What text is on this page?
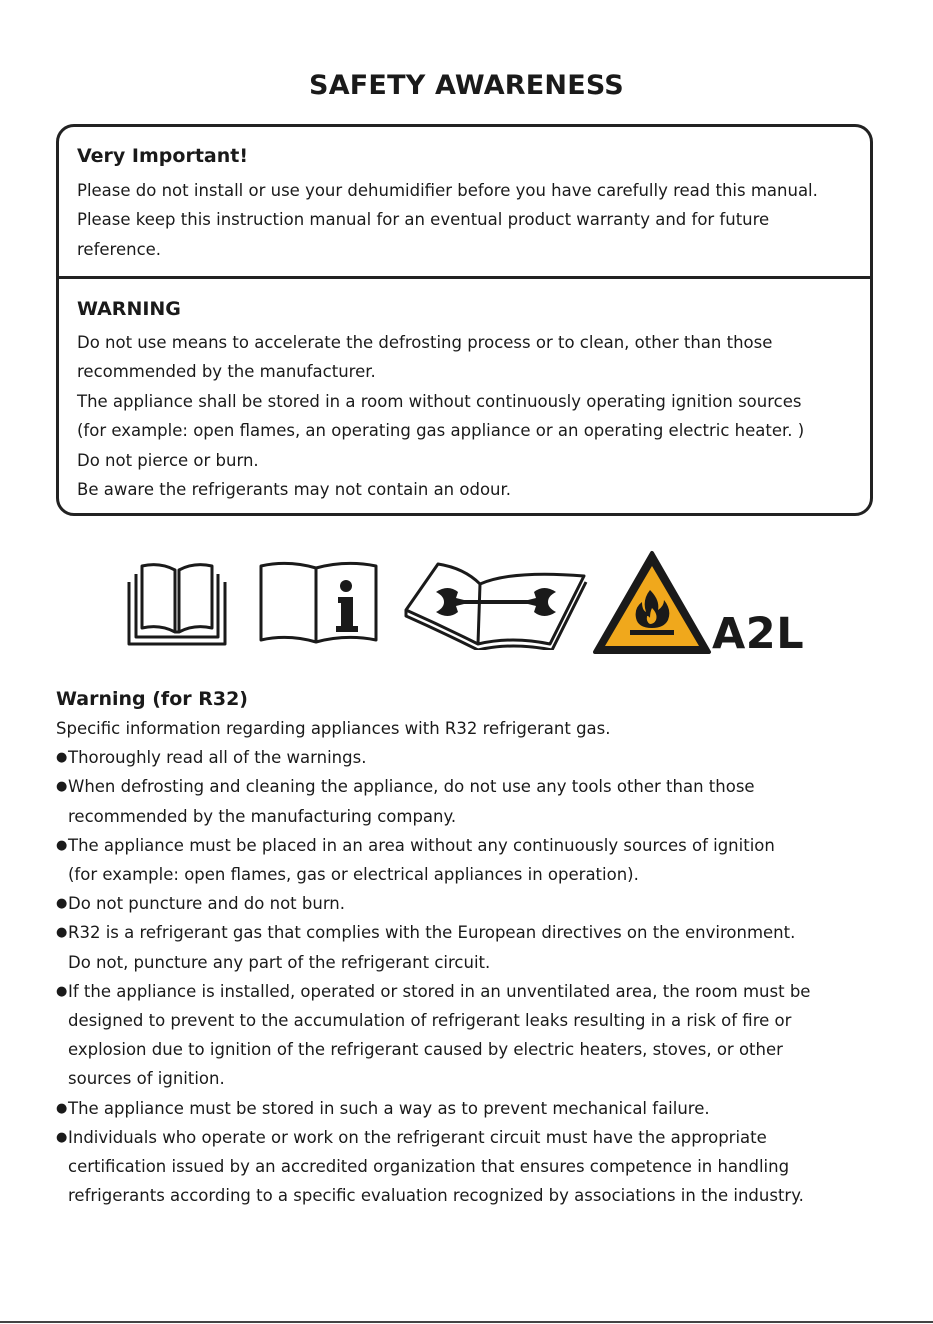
SAFETY AWARENESS
Very Important!

Please do not install or use your dehumidifier before you have carefully read this manual.
Please keep this instruction manual for an eventual product warranty and for future
reference.

WARNING

Do not use means to accelerate the defrosting process or to clean, other than those
recommended by the manufacturer.
The appliance shall be stored in a room without continuously operating ignition sources
(for example: open flames, an operating gas appliance or an operating electric heater. )
Do not pierce or burn.
Be aware the refrigerants may not contain an odour.

A2L
Warning (for R32)

Specific information regarding appliances with R32 refrigerant gas.

● Thoroughly read all of the warnings.
● When defrosting and cleaning the appliance, do not use any tools other than those
recommended by the manufacturing company.
● The appliance must be placed in an area without any continuously sources of ignition
(for example: open flames, gas or electrical appliances in operation).
● Do not puncture and do not burn.
● R32 is a refrigerant gas that complies with the European directives on the environment.
Do not, puncture any part of the refrigerant circuit.
● If the appliance is installed, operated or stored in an unventilated area, the room must be
designed to prevent to the accumulation of refrigerant leaks resulting in a risk of fire or
explosion due to ignition of the refrigerant caused by electric heaters, stoves, or other
sources of ignition.
● The appliance must be stored in such a way as to prevent mechanical failure.
● Individuals who operate or work on the refrigerant circuit must have the appropriate
certification issued by an accredited organization that ensures competence in handling
refrigerants according to a specific evaluation recognized by associations in the industry.
